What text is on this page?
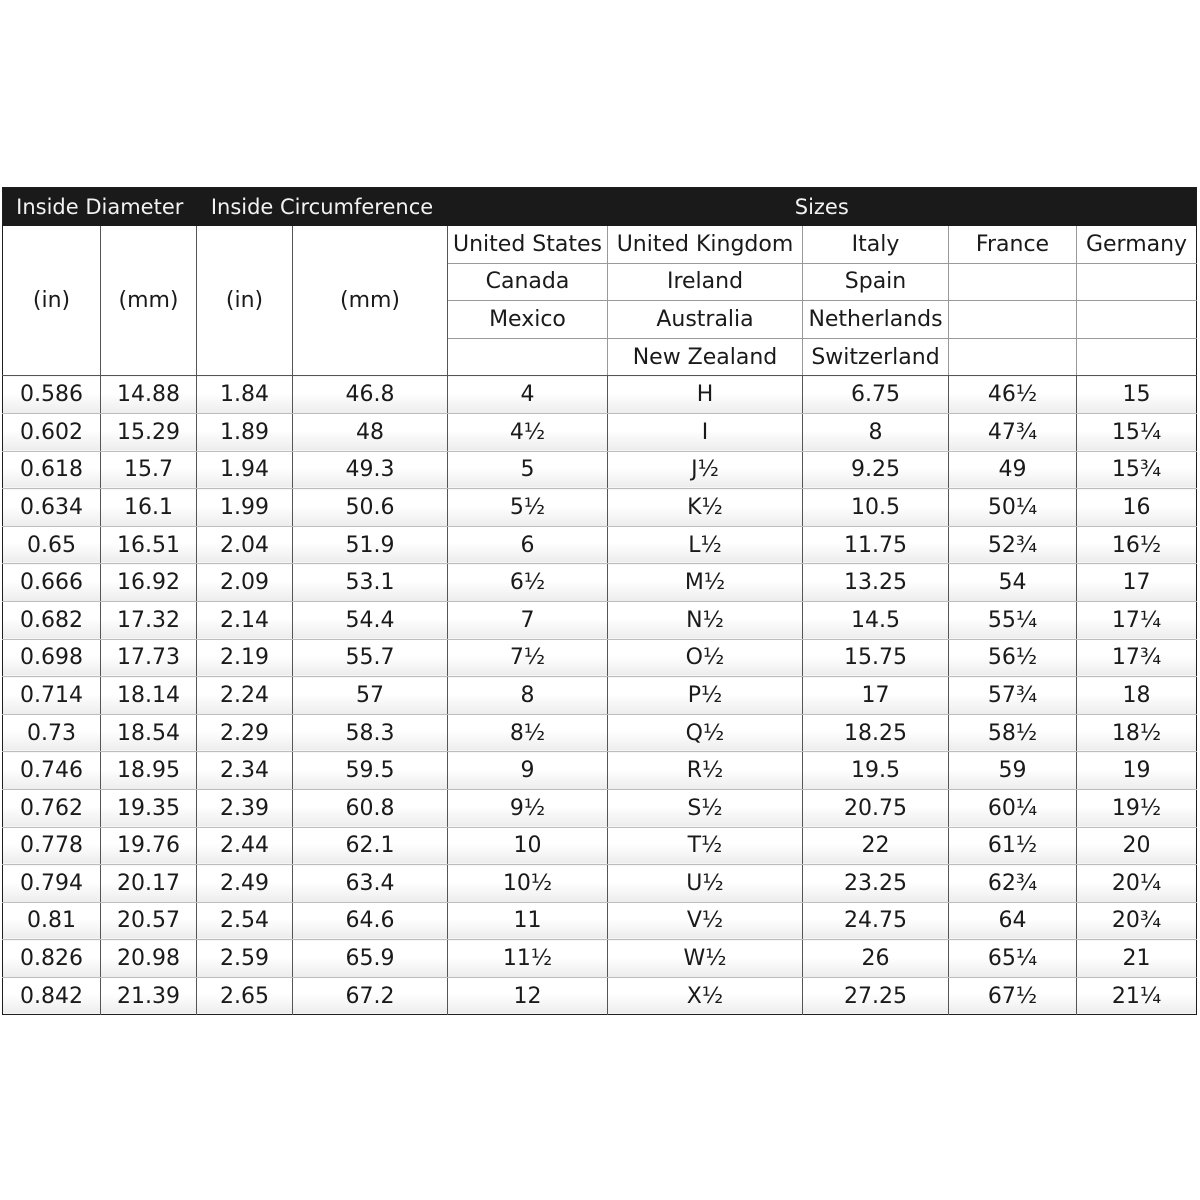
Inside Diameter		Inside Circumference		Sizes				
(in)	(mm)	(in)	(mm)	United States	United Kingdom	Italy	France	Germany
				Canada	Ireland	Spain		
				Mexico	Australia	Netherlands		
					New Zealand	Switzerland		
0.586	14.88	1.84	46.8	4	H	6.75	46½	15
0.602	15.29	1.89	48	4½	I	8	47¾	15¼
0.618	15.7	1.94	49.3	5	J½	9.25	49	15¾
0.634	16.1	1.99	50.6	5½	K½	10.5	50¼	16
0.65	16.51	2.04	51.9	6	L½	11.75	52¾	16½
0.666	16.92	2.09	53.1	6½	M½	13.25	54	17
0.682	17.32	2.14	54.4	7	N½	14.5	55¼	17¼
0.698	17.73	2.19	55.7	7½	O½	15.75	56½	17¾
0.714	18.14	2.24	57	8	P½	17	57¾	18
0.73	18.54	2.29	58.3	8½	Q½	18.25	58½	18½
0.746	18.95	2.34	59.5	9	R½	19.5	59	19
0.762	19.35	2.39	60.8	9½	S½	20.75	60¼	19½
0.778	19.76	2.44	62.1	10	T½	22	61½	20
0.794	20.17	2.49	63.4	10½	U½	23.25	62¾	20¼
0.81	20.57	2.54	64.6	11	V½	24.75	64	20¾
0.826	20.98	2.59	65.9	11½	W½	26	65¼	21
0.842	21.39	2.65	67.2	12	X½	27.25	67½	21¼
